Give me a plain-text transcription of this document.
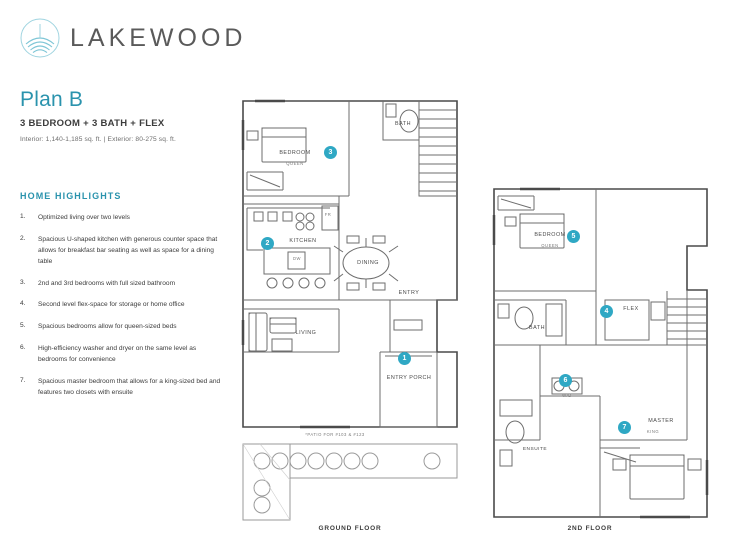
LAKEWOOD
Plan B
3 BEDROOM + 3 BATH + FLEX
Interior: 1,140-1,185 sq. ft. | Exterior: 80-275 sq. ft.
HOME HIGHLIGHTS
1.	Optimized living over two levels
2.	Spacious U-shaped kitchen with generous counter space that allows for breakfast bar seating as well as space for a dining table
3.	2nd and 3rd bedrooms with full sized bathroom
4.	Second level flex-space for storage or home office
5.	Spacious bedrooms allow for queen-sized beds
6.	High-efficiency washer and dryer on the same level as bedrooms for convenience
7.	Spacious master bedroom that allows for a king-sized bed and features two closets with ensuite
BEDROOM
QUEEN
BATH
KITCHEN
DINING
LIVING
ENTRY
ENTRY PORCH
FR
DW
*PATIO FOR #103 & #123
BEDROOM
QUEEN
FLEX
BATH
W/D
MASTER
KING
ENSUITE
1
2
3
4
5
6
7
GROUND FLOOR	2ND FLOOR
